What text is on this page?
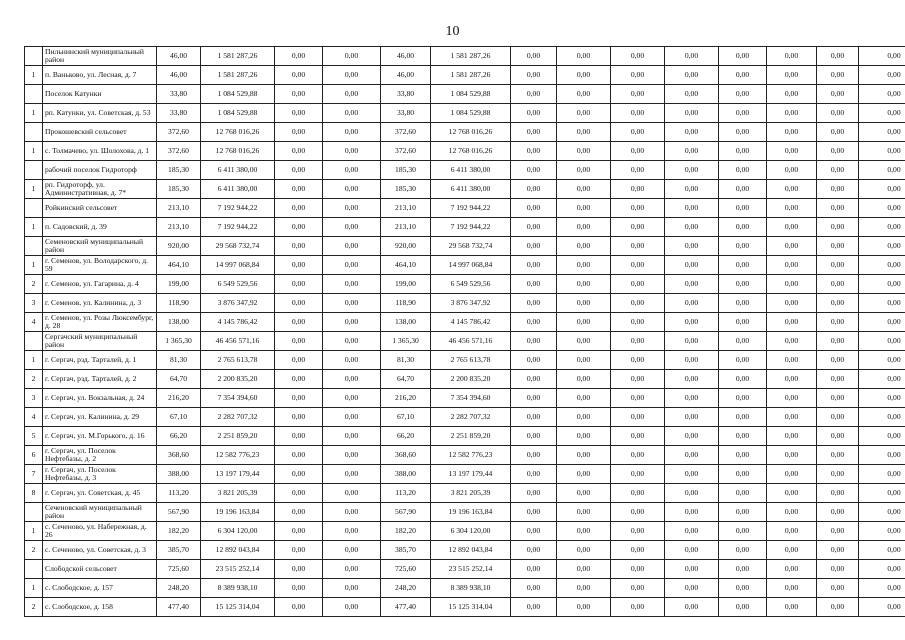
10
	Пильнинский муниципальный район	46,00	1 581 287,26	0,00	0,00	46,00	1 581 287,26	0,00	0,00	0,00	0,00	0,00	0,00	0,00	0,00
1	п. Ваньково, ул. Лесная, д. 7	46,00	1 581 287,26	0,00	0,00	46,00	1 581 287,26	0,00	0,00	0,00	0,00	0,00	0,00	0,00	0,00
	Поселок Катунки	33,80	1 084 529,88	0,00	0,00	33,80	1 084 529,88	0,00	0,00	0,00	0,00	0,00	0,00	0,00	0,00
1	рп. Катунки, ул. Советская, д. 53	33,80	1 084 529,88	0,00	0,00	33,80	1 084 529,88	0,00	0,00	0,00	0,00	0,00	0,00	0,00	0,00
	Прокошевский сельсовет	372,60	12 768 016,26	0,00	0,00	372,60	12 768 016,26	0,00	0,00	0,00	0,00	0,00	0,00	0,00	0,00
1	с. Толмачево, ул. Шолохова, д. 1	372,60	12 768 016,26	0,00	0,00	372,60	12 768 016,26	0,00	0,00	0,00	0,00	0,00	0,00	0,00	0,00
	рабочий поселок Гидроторф	185,30	6 411 380,00	0,00	0,00	185,30	6 411 380,00	0,00	0,00	0,00	0,00	0,00	0,00	0,00	0,00
1	рп. Гидроторф, ул. Административная, д. 7*	185,30	6 411 380,00	0,00	0,00	185,30	6 411 380,00	0,00	0,00	0,00	0,00	0,00	0,00	0,00	0,00
	Ройкинский сельсовет	213,10	7 192 944,22	0,00	0,00	213,10	7 192 944,22	0,00	0,00	0,00	0,00	0,00	0,00	0,00	0,00
1	п. Садовский, д. 39	213,10	7 192 944,22	0,00	0,00	213,10	7 192 944,22	0,00	0,00	0,00	0,00	0,00	0,00	0,00	0,00
	Семеновский муниципальный район	920,00	29 568 732,74	0,00	0,00	920,00	29 568 732,74	0,00	0,00	0,00	0,00	0,00	0,00	0,00	0,00
1	г. Семенов, ул. Володарского, д. 59	464,10	14 997 068,84	0,00	0,00	464,10	14 997 068,84	0,00	0,00	0,00	0,00	0,00	0,00	0,00	0,00
2	г. Семенов, ул. Гагарина, д. 4	199,00	6 549 529,56	0,00	0,00	199,00	6 549 529,56	0,00	0,00	0,00	0,00	0,00	0,00	0,00	0,00
3	г. Семенов, ул. Калинина, д. 3	118,90	3 876 347,92	0,00	0,00	118,90	3 876 347,92	0,00	0,00	0,00	0,00	0,00	0,00	0,00	0,00
4	г. Семенов, ул. Розы Люксембург, д. 28	138,00	4 145 786,42	0,00	0,00	138,00	4 145 786,42	0,00	0,00	0,00	0,00	0,00	0,00	0,00	0,00
	Сергачский муниципальный район	1 365,30	46 456 571,16	0,00	0,00	1 365,30	46 456 571,16	0,00	0,00	0,00	0,00	0,00	0,00	0,00	0,00
1	г. Сергач, рзд. Тарталей, д. 1	81,30	2 765 613,78	0,00	0,00	81,30	2 765 613,78	0,00	0,00	0,00	0,00	0,00	0,00	0,00	0,00
2	г. Сергач, рзд. Тарталей, д. 2	64,70	2 200 835,20	0,00	0,00	64,70	2 200 835,20	0,00	0,00	0,00	0,00	0,00	0,00	0,00	0,00
3	г. Сергач, ул. Вокзальная, д. 24	216,20	7 354 394,60	0,00	0,00	216,20	7 354 394,60	0,00	0,00	0,00	0,00	0,00	0,00	0,00	0,00
4	г. Сергач, ул. Калинина, д. 29	67,10	2 282 707,32	0,00	0,00	67,10	2 282 707,32	0,00	0,00	0,00	0,00	0,00	0,00	0,00	0,00
5	г. Сергач, ул. М.Горького, д. 16	66,20	2 251 859,20	0,00	0,00	66,20	2 251 859,20	0,00	0,00	0,00	0,00	0,00	0,00	0,00	0,00
6	г. Сергач, ул. Поселок Нефтебазы, д. 2	368,60	12 582 776,23	0,00	0,00	368,60	12 582 776,23	0,00	0,00	0,00	0,00	0,00	0,00	0,00	0,00
7	г. Сергач, ул. Поселок Нефтебазы, д. 3	388,00	13 197 179,44	0,00	0,00	388,00	13 197 179,44	0,00	0,00	0,00	0,00	0,00	0,00	0,00	0,00
8	г. Сергач, ул. Советская, д. 45	113,20	3 821 205,39	0,00	0,00	113,20	3 821 205,39	0,00	0,00	0,00	0,00	0,00	0,00	0,00	0,00
	Сеченовский муниципальный район	567,90	19 196 163,84	0,00	0,00	567,90	19 196 163,84	0,00	0,00	0,00	0,00	0,00	0,00	0,00	0,00
1	с. Сеченово, ул. Набережная, д. 26	182,20	6 304 120,00	0,00	0,00	182,20	6 304 120,00	0,00	0,00	0,00	0,00	0,00	0,00	0,00	0,00
2	с. Сеченово, ул. Советская, д. 3	385,70	12 892 043,84	0,00	0,00	385,70	12 892 043,84	0,00	0,00	0,00	0,00	0,00	0,00	0,00	0,00
	Слободской сельсовет	725,60	23 515 252,14	0,00	0,00	725,60	23 515 252,14	0,00	0,00	0,00	0,00	0,00	0,00	0,00	0,00
1	с. Слободское, д. 157	248,20	8 389 938,10	0,00	0,00	248,20	8 389 938,10	0,00	0,00	0,00	0,00	0,00	0,00	0,00	0,00
2	с. Слободское, д. 158	477,40	15 125 314,04	0,00	0,00	477,40	15 125 314,04	0,00	0,00	0,00	0,00	0,00	0,00	0,00	0,00
